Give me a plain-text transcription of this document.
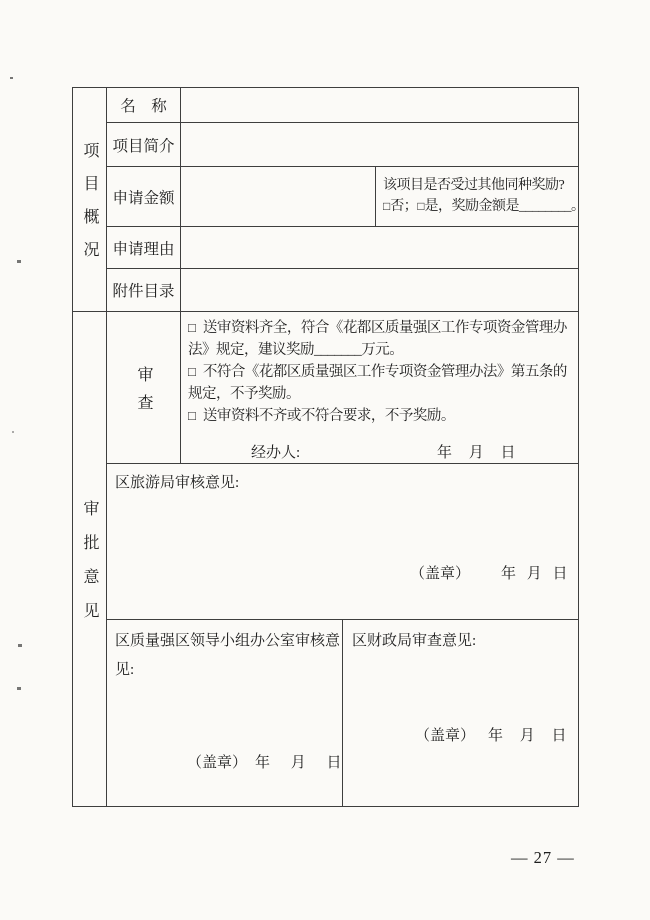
项目概况
名　称
项目简介
申请金额
该项目是否受过其他同种奖励?
□否；□是，奖励金额是________。
申请理由
附件目录
审批意见
审查
□ 送审资料齐全，符合《花都区质量强区工作专项资金管理办法》规定，建议奖励_______万元。
□ 不符合《花都区质量强区工作专项资金管理办法》第五条的规定，不予奖励。
□ 送审资料不齐或不符合要求，不予奖励。
经办人:	年 月 日
区旅游局审核意见:
（盖章） 年 月 日
区质量强区领导小组办公室审核意见:
（盖章） 年 月 日
区财政局审查意见:
（盖章） 年 月 日
— 27 —
